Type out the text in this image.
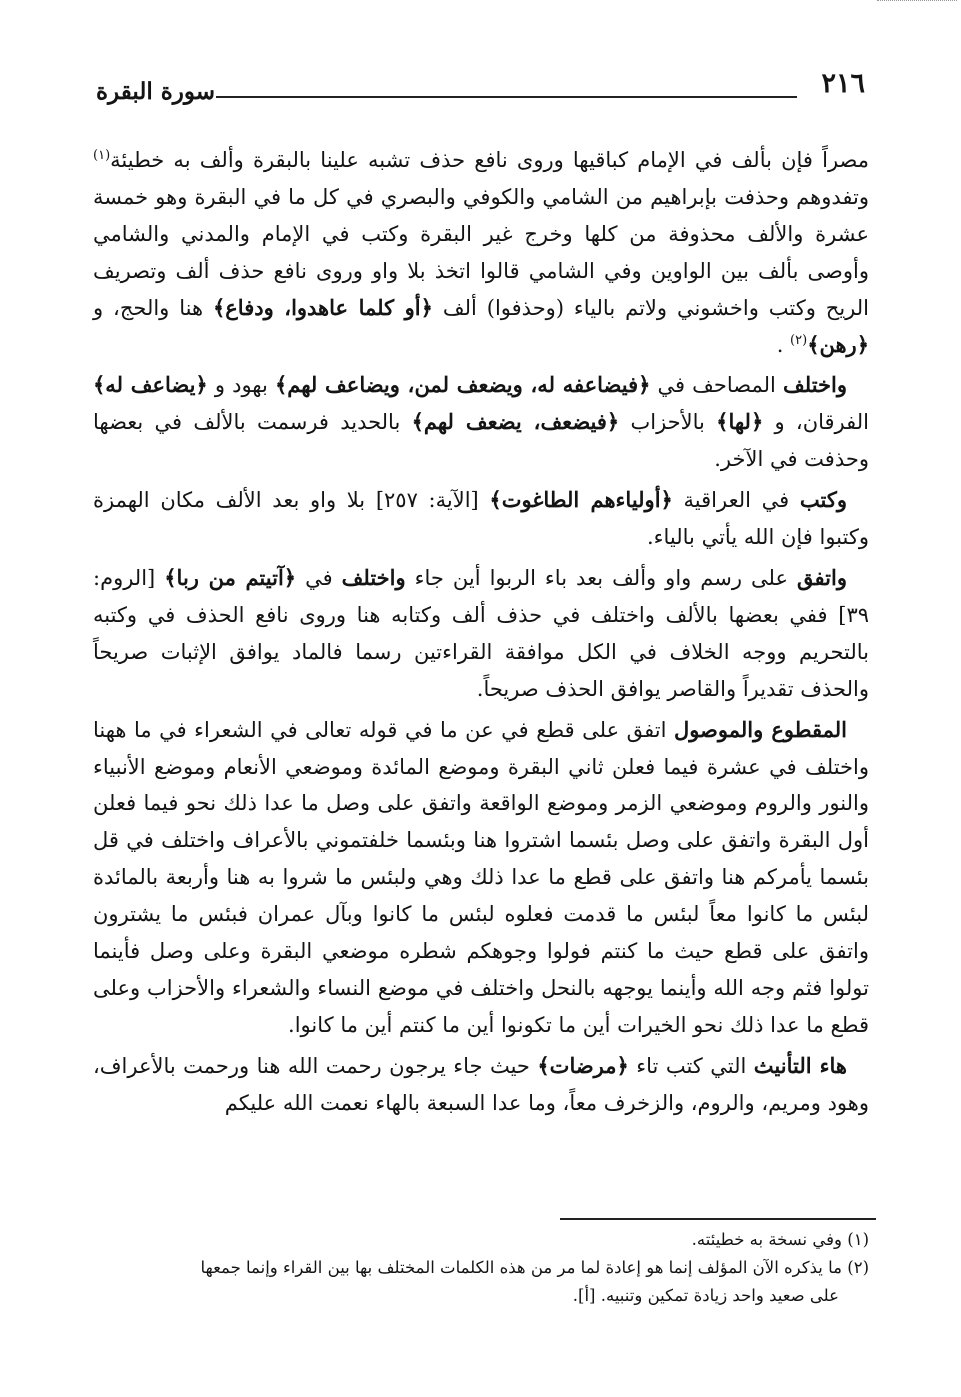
٢١٦
سورة البقرة

مصراً فإن بألف في الإمام كباقيها وروى نافع حذف تشبه علينا بالبقرة وألف به خطيئة$^{(١)}$ وتفدوهم وحذفت بإبراهيم من الشامي والكوفي والبصري في كل ما في البقرة وهو خمسة عشرة والألف محذوفة من كلها وخرج غير البقرة وكتب في الإمام والمدني والشامي وأوصى بألف بين الواوين وفي الشامي قالوا اتخذ بلا واو وروى نافع حذف ألف وتصريف الريح وكتب واخشوني ولاتم بالياء (وحذفوا) ألف ﴿أو كلما عاهدوا، ودفاع﴾ هنا والحج، و ﴿رهن﴾$^{(٢)}$ .

واختلف المصاحف في ﴿فيضاعفه له، ويضعف لمن، ويضاعف لهم﴾ بهود و ﴿يضاعف له﴾ الفرقان، و ﴿لها﴾ بالأحزاب ﴿فيضعف، يضعف لهم﴾ بالحديد فرسمت بالألف في بعضها وحذفت في الآخر.

وكتب في العراقية ﴿أولياءهم الطاغوت﴾ [الآية: ٢٥٧] بلا واو بعد الألف مكان الهمزة وكتبوا فإن الله يأتي بالياء.

واتفق على رسم واو وألف بعد باء الربوا أين جاء واختلف في ﴿آتيتم من ربا﴾ [الروم: ٣٩] ففي بعضها بالألف واختلف في حذف ألف وكتابه هنا وروى نافع الحذف في وكتبه بالتحريم ووجه الخلاف في الكل موافقة القراءتين رسما فالماد يوافق الإثبات صريحاً والحذف تقديراً والقاصر يوافق الحذف صريحاً.

المقطوع والموصول اتفق على قطع في عن ما في قوله تعالى في الشعراء في ما ههنا واختلف في عشرة فيما فعلن ثاني البقرة وموضع المائدة وموضعي الأنعام وموضع الأنبياء والنور والروم وموضعي الزمر وموضع الواقعة واتفق على وصل ما عدا ذلك نحو فيما فعلن أول البقرة واتفق على وصل بئسما اشتروا هنا وبئسما خلفتموني بالأعراف واختلف في قل بئسما يأمركم هنا واتفق على قطع ما عدا ذلك وهي ولبئس ما شروا به هنا وأربعة بالمائدة لبئس ما كانوا معاً لبئس ما قدمت فعلوه لبئس ما كانوا وبآل عمران فبئس ما يشترون واتفق على قطع حيث ما كنتم فولوا وجوهكم شطره موضعي البقرة وعلى وصل فأينما تولوا فثم وجه الله وأينما يوجهه بالنحل واختلف في موضع النساء والشعراء والأحزاب وعلى قطع ما عدا ذلك نحو الخيرات أين ما تكونوا أين ما كنتم أين ما كانوا.

هاء التأنيث التي كتب تاء ﴿مرضات﴾ حيث جاء يرجون رحمت الله هنا ورحمت بالأعراف، وهود ومريم، والروم، والزخرف معاً، وما عدا السبعة بالهاء نعمت الله عليكم

(١) وفي نسخة به خطيئته.

(٢) ما يذكره الآن المؤلف إنما هو إعادة لما مر من هذه الكلمات المختلف بها بين القراء وإنما جمعها

على صعيد واحد زيادة تمكين وتنبيه. [أ].
